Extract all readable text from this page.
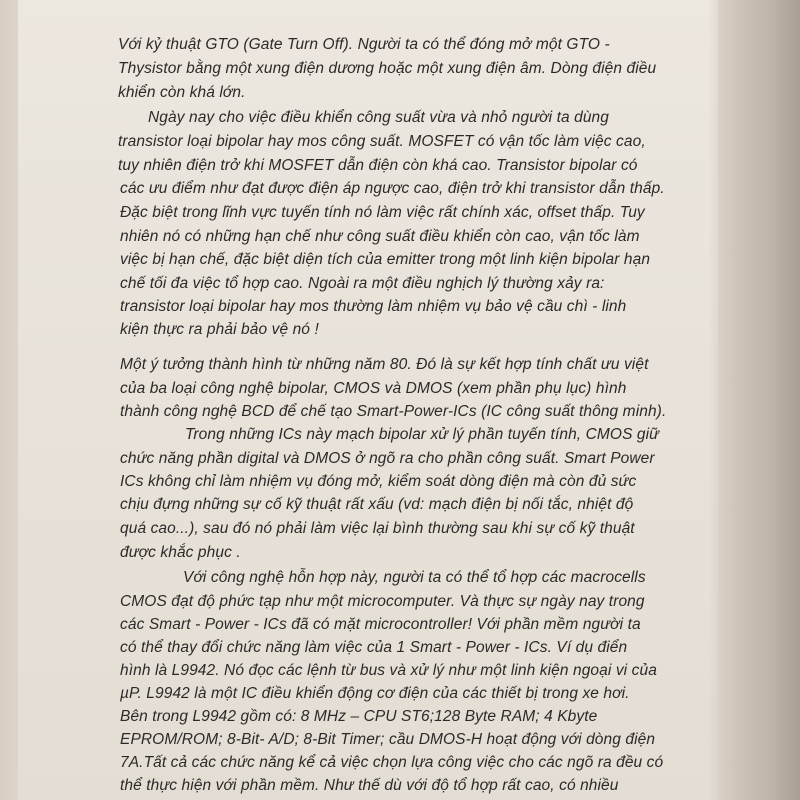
Với kỷ thuật GTO (Gate Turn Off). Người ta có thể đóng mở một GTO -
Thysistor bằng một xung điện dương hoặc một xung điện âm. Dòng điện điều
khiển còn khá lớn.
Ngày nay cho việc điều khiển công suất vừa và nhỏ người ta dùng
transistor loại bipolar hay mos công suất. MOSFET có vận tốc làm việc cao,
tuy nhiên điện trở khi MOSFET dẫn điện còn khá cao. Transistor bipolar có
các ưu điểm như đạt được điện áp ngược cao, điện trở khi transistor dẫn thấp.
Đặc biệt trong lĩnh vực tuyến tính nó làm việc rất chính xác, offset thấp. Tuy
nhiên nó có những hạn chế như công suất điều khiển còn cao, vận tốc làm
việc bị hạn chế, đặc biệt diện tích của emitter trong một linh kiện bipolar hạn
chế tối đa việc tổ hợp cao. Ngoài ra một điều nghịch lý thường xảy ra:
transistor loại bipolar hay mos thường làm nhiệm vụ bảo vệ cầu chì - linh
kiện thực ra phải bảo vệ nó !
Một ý tưởng thành hình từ những năm 80. Đó là sự kết hợp tính chất ưu việt
của ba loại công nghệ bipolar, CMOS và DMOS (xem phần phụ lục) hình
thành công nghệ BCD để chế tạo Smart-Power-ICs (IC công suất thông minh).
Trong những ICs này mạch bipolar xử lý phần tuyến tính, CMOS giữ
chức năng phần digital và DMOS ở ngõ ra cho phần công suất. Smart Power
ICs không chỉ làm nhiệm vụ đóng mở, kiểm soát dòng điện mà còn đủ sức
chịu đựng những sự cố kỹ thuật rất xấu (vd: mạch điện bị nối tắc, nhiệt độ
quá cao...), sau đó nó phải làm việc lại bình thường sau khi sự cố kỹ thuật
được khắc phục .
Với công nghệ hỗn hợp này, người ta có thể tổ hợp các macrocells
CMOS đạt độ phức tạp như một microcomputer. Và thực sự ngày nay trong
các Smart - Power - ICs đã có mặt microcontroller! Với phần mềm người ta
có thể thay đổi chức năng làm việc của 1 Smart - Power - ICs. Ví dụ điển
hình là L9942. Nó đọc các lệnh từ bus và xử lý như một linh kiện ngoại vi của
µP. L9942 là một IC điều khiển động cơ điện của các thiết bị trong xe hơi.
Bên trong L9942 gồm có: 8 MHz – CPU ST6;128 Byte RAM; 4 Kbyte
EPROM/ROM; 8-Bit- A/D; 8-Bit Timer; cầu DMOS-H hoạt động với dòng điện
7A.Tất cả các chức năng kể cả việc chọn lựa công việc cho các ngõ ra đều có
thể thực hiện với phần mềm. Như thế dù với độ tổ hợp rất cao, có nhiều
